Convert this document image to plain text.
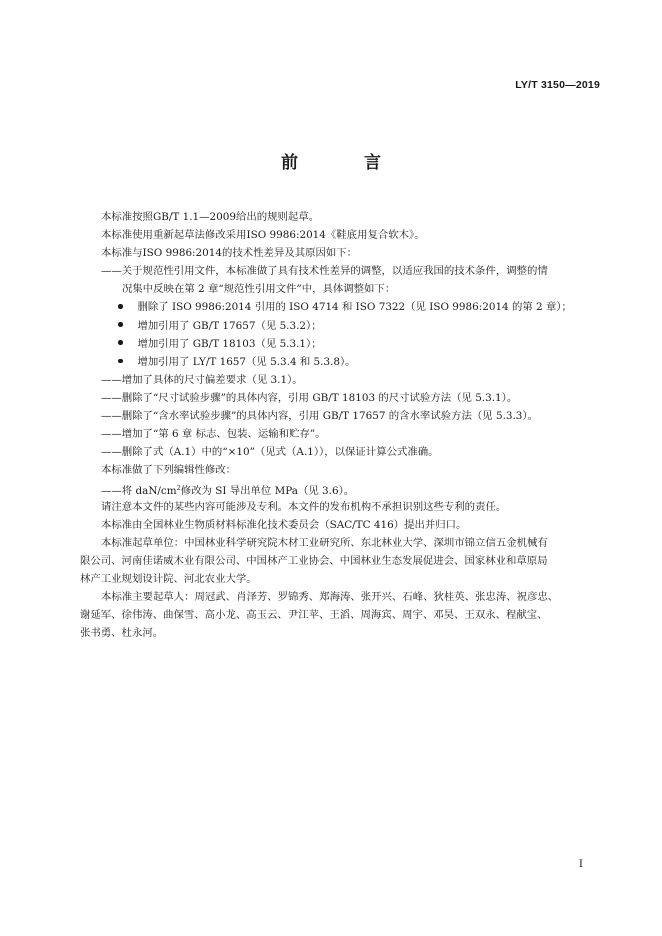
LY/T 3150—2019
前 言
本标准按照GB/T 1.1—2009给出的规则起草。
本标准使用重新起草法修改采用ISO 9986:2014《鞋底用复合软木》。
本标准与ISO 9986:2014的技术性差异及其原因如下：
——关于规范性引用文件，本标准做了具有技术性差异的调整，以适应我国的技术条件，调整的情
况集中反映在第 2 章“规范性引用文件”中，具体调整如下：
删除了 ISO 9986:2014 引用的 ISO 4714 和 ISO 7322（见 ISO 9986:2014 的第 2 章）；
增加引用了 GB/T 17657（见 5.3.2）；
增加引用了 GB/T 18103（见 5.3.1）；
增加引用了 LY/T 1657（见 5.3.4 和 5.3.8）。
——增加了具体的尺寸偏差要求（见 3.1）。
——删除了“尺寸试验步骤”的具体内容，引用 GB/T 18103 的尺寸试验方法（见 5.3.1）。
——删除了“含水率试验步骤”的具体内容，引用 GB/T 17657 的含水率试验方法（见 5.3.3）。
——增加了“第 6 章 标志、包装、运输和贮存”。
——删除了式（A.1）中的“×10”（见式（A.1）），以保证计算公式准确。
本标准做了下列编辑性修改：
——将 daN/$cm^2$修改为 SI 导出单位 MPa（见 3.6）。
请注意本文件的某些内容可能涉及专利。本文件的发布机构不承担识别这些专利的责任。
本标准由全国林业生物质材料标准化技术委员会（SAC/TC 416）提出并归口。
本标准起草单位：中国林业科学研究院木材工业研究所、东北林业大学、深圳市锦立信五金机械有
限公司、河南佳诺威木业有限公司、中国林产工业协会、中国林业生态发展促进会、国家林业和草原局
林产工业规划设计院、河北农业大学。
本标准主要起草人：周冠武、肖泽芳、罗锦秀、郑海涛、张开兴、石峰、狄桂英、张忠涛、祝彦忠、
谢延军、徐伟涛、曲保雪、高小龙、高玉云、尹江苹、王滔、周海宾、周宇、邓昊、王双永、程献宝、
张书勇、杜永河。
I
